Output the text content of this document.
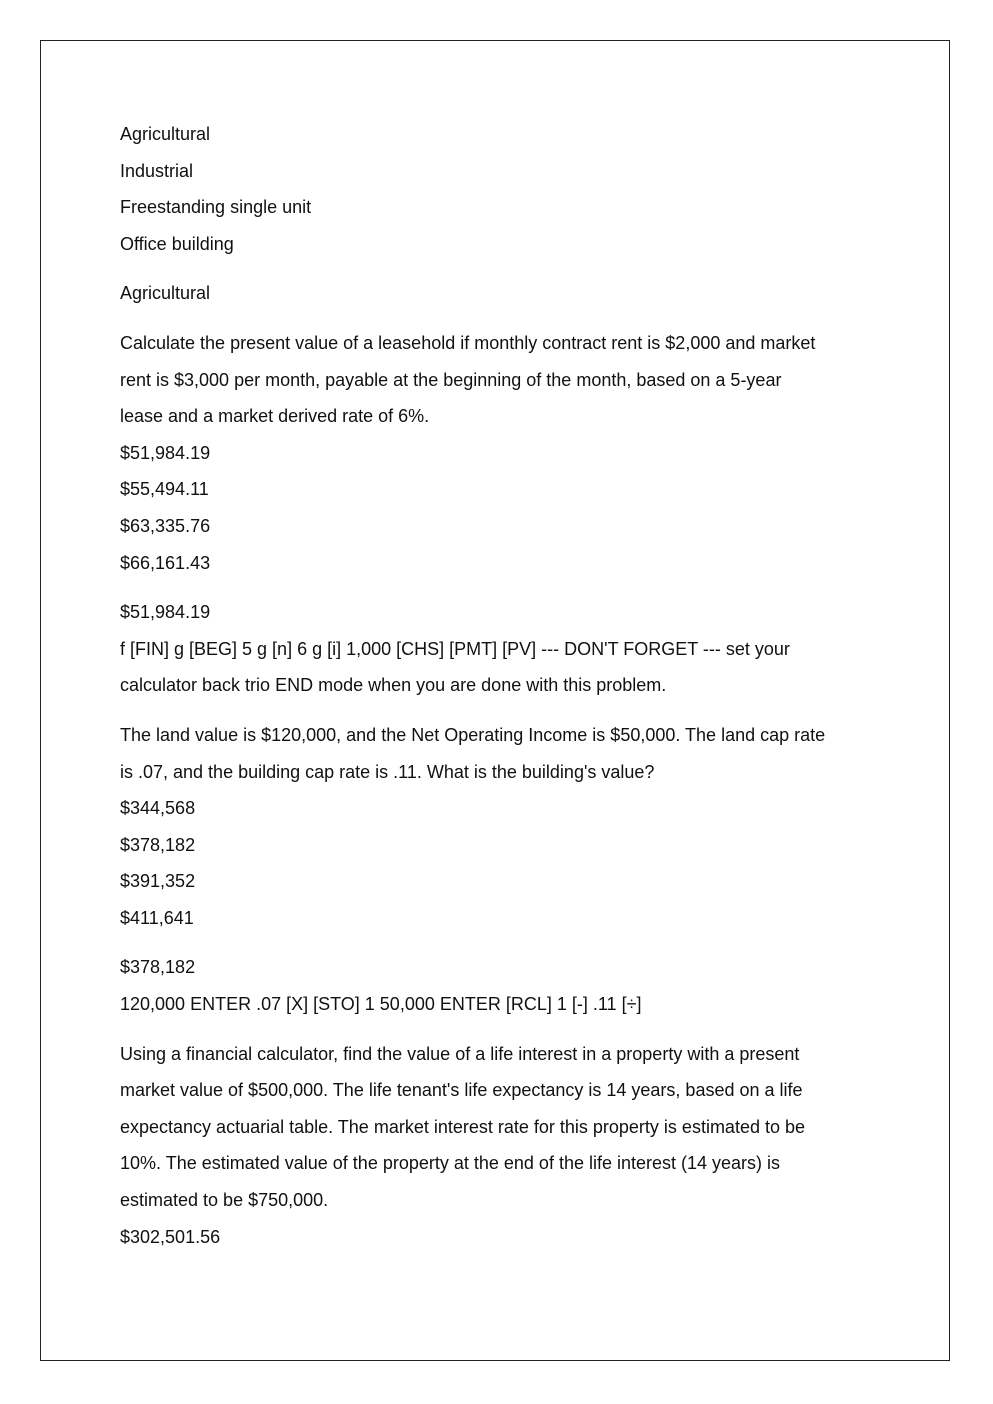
Agricultural

Industrial

Freestanding single unit

Office building

Agricultural

Calculate the present value of a leasehold if monthly contract rent is $2,000 and market

rent is $3,000 per month, payable at the beginning of the month, based on a 5-year

lease and a market derived rate of 6%.

$51,984.19

$55,494.11

$63,335.76

$66,161.43

$51,984.19

f [FIN] g [BEG] 5 g [n] 6 g [i] 1,000 [CHS] [PMT] [PV] --- DON'T FORGET --- set your

calculator back trio END mode when you are done with this problem.

The land value is $120,000, and the Net Operating Income is $50,000. The land cap rate

is .07, and the building cap rate is .11. What is the building's value?

$344,568

$378,182

$391,352

$411,641

$378,182

120,000 ENTER .07 [X] [STO] 1 50,000 ENTER [RCL] 1 [-] .11 [÷]

Using a financial calculator, find the value of a life interest in a property with a present

market value of $500,000. The life tenant's life expectancy is 14 years, based on a life

expectancy actuarial table. The market interest rate for this property is estimated to be

10%. The estimated value of the property at the end of the life interest (14 years) is

estimated to be $750,000.

$302,501.56
